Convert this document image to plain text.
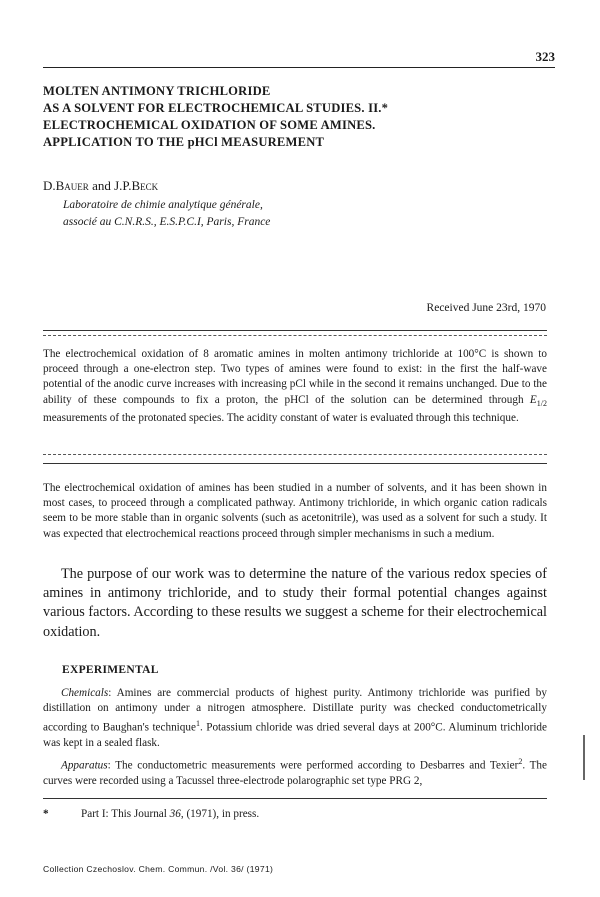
323
MOLTEN ANTIMONY TRICHLORIDE
AS A SOLVENT FOR ELECTROCHEMICAL STUDIES. II.*
ELECTROCHEMICAL OXIDATION OF SOME AMINES.
APPLICATION TO THE pHCl MEASUREMENT
D.Bauer and J.P.Beck
Laboratoire de chimie analytique générale,
associé au C.N.R.S., E.S.P.C.I, Paris, France
Received June 23rd, 1970
The electrochemical oxidation of 8 aromatic amines in molten antimony trichloride at 100°C is shown to proceed through a one-electron step. Two types of amines were found to exist: in the first the half-wave potential of the anodic curve increases with increasing pCl while in the second it remains unchanged. Due to the ability of these compounds to fix a proton, the pHCl of the solution can be determined through $E_{1/2}$ measurements of the protonated species. The acidity constant of water is evaluated through this technique.
The electrochemical oxidation of amines has been studied in a number of solvents, and it has been shown in most cases, to proceed through a complicated pathway. Antimony trichloride, in which organic cation radicals seem to be more stable than in organic solvents (such as acetonitrile), was used as a solvent for such a study. It was expected that electrochemical reactions proceed through simpler mechanisms in such a medium.
The purpose of our work was to determine the nature of the various redox species of amines in antimony trichloride, and to study their formal potential changes against various factors. According to these results we suggest a scheme for their electrochemical oxidation.
EXPERIMENTAL
Chemicals: Amines are commercial products of highest purity. Antimony trichloride was purified by distillation on antimony under a nitrogen atmosphere. Distillate purity was checked conductometrically according to Baughan's technique$^1$. Potassium chloride was dried several days at 200°C. Aluminum trichloride was kept in a sealed flask.
Apparatus: The conductometric measurements were performed according to Desbarres and Texier$^2$. The curves were recorded using a Tacussel three-electrode polarographic set type PRG 2,
*	Part I: This Journal 36, (1971), in press.
Collection Czechoslov. Chem. Commun. /Vol. 36/ (1971)
